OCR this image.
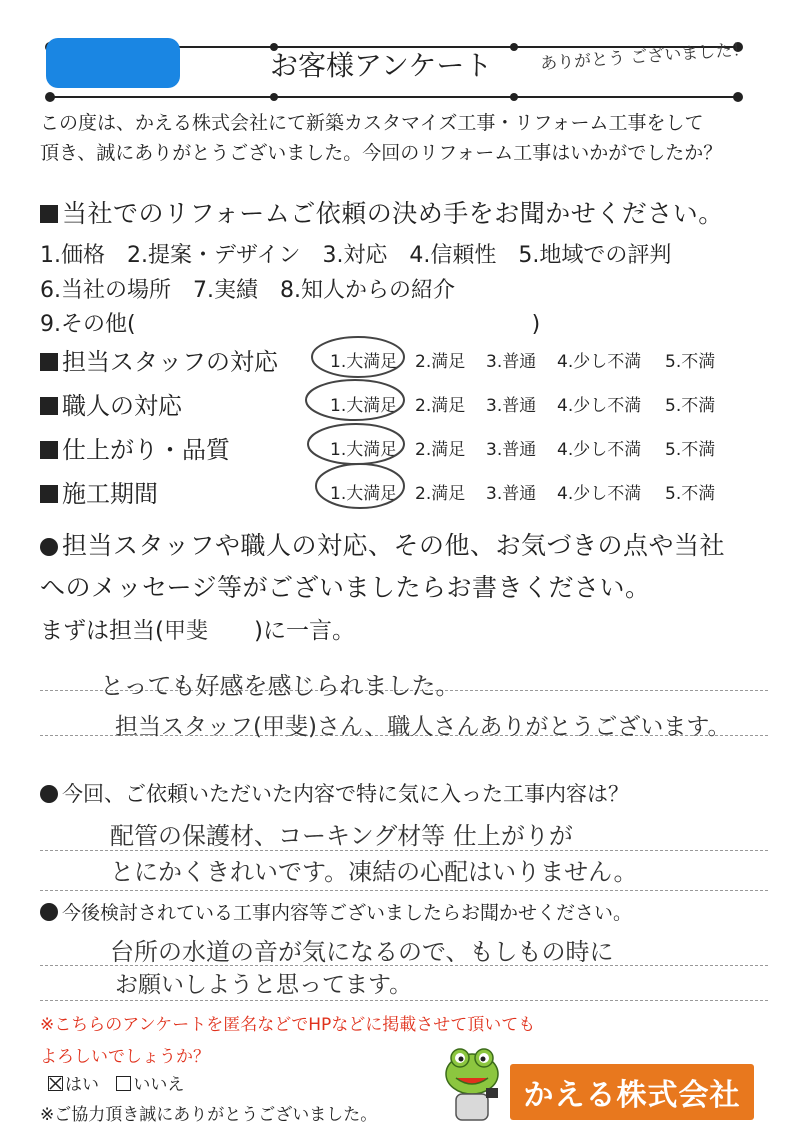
お客様アンケート	ありがとう ございました！
この度は、かえる株式会社にて新築カスタマイズ工事・リフォーム工事をして
頂き、誠にありがとうございました。今回のリフォーム工事はいかがでしたか？
当社でのリフォームご依頼の決め手をお聞かせください。
1.価格　2.提案・デザイン　3.対応　4.信頼性　5.地域での評判
6.当社の場所　7.実績　8.知人からの紹介
9.その他(　　　　　　　　　　　　　　　　　　)
担当スタッフの対応	1.大満足 2.満足 3.普通 4.少し不満 5.不満
職人の対応	1.大満足 2.満足 3.普通 4.少し不満 5.不満
仕上がり・品質	1.大満足 2.満足 3.普通 4.少し不満 5.不満
施工期間	1.大満足 2.満足 3.普通 4.少し不満 5.不満
担当スタッフや職人の対応、その他、お気づきの点や当社
へのメッセージ等がございましたらお書きください。
まずは担当(甲斐 )に一言。
とっても好感を感じられました。
担当スタッフ(甲斐)さん、職人さんありがとうございます。
今回、ご依頼いただいた内容で特に気に入った工事内容は？
配管の保護材、コーキング材等 仕上がりが
とにかくきれいです。凍結の心配はいりません。
今後検討されている工事内容等ございましたらお聞かせください。
台所の水道の音が気になるので、もしもの時に
お願いしようと思ってます。
※こちらのアンケートを匿名などでHPなどに掲載させて頂いても
よろしいでしょうか？
はい いいえ
※ご協力頂き誠にありがとうございました。
かえる株式会社
